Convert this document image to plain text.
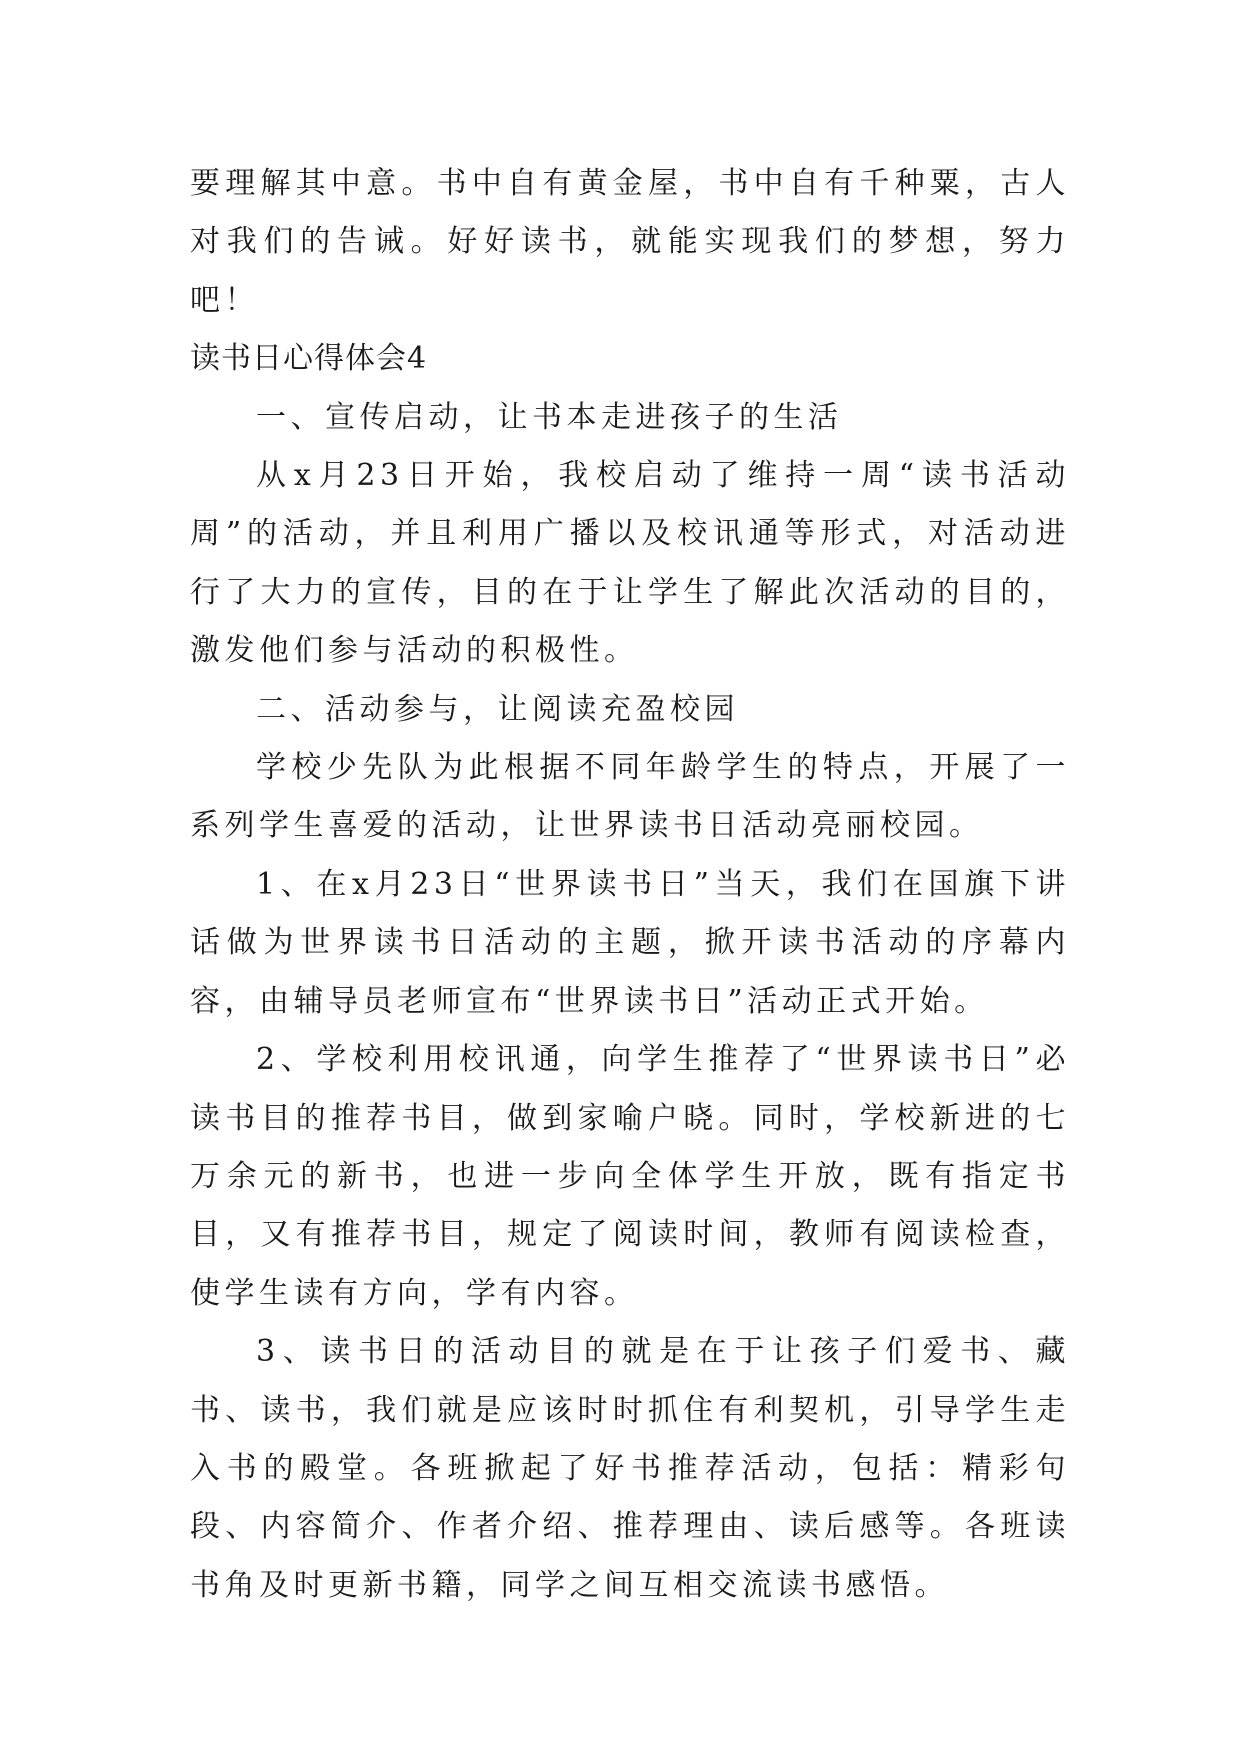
要理解其中意。书中自有黄金屋，书中自有千种粟，古人对我们的告诫。好好读书，就能实现我们的梦想，努力吧！

读书日心得体会4

一、宣传启动，让书本走进孩子的生活

从x月23日开始，我校启动了维持一周“读书活动周”的活动，并且利用广播以及校讯通等形式，对活动进行了大力的宣传，目的在于让学生了解此次活动的目的，激发他们参与活动的积极性。

二、活动参与，让阅读充盈校园

学校少先队为此根据不同年龄学生的特点，开展了一系列学生喜爱的活动，让世界读书日活动亮丽校园。

1、在x月23日“世界读书日”当天，我们在国旗下讲话做为世界读书日活动的主题，掀开读书活动的序幕内容，由辅导员老师宣布“世界读书日”活动正式开始。

2、学校利用校讯通，向学生推荐了“世界读书日”必读书目的推荐书目，做到家喻户晓。同时，学校新进的七万余元的新书，也进一步向全体学生开放，既有指定书目，又有推荐书目，规定了阅读时间，教师有阅读检查，使学生读有方向，学有内容。

3、读书日的活动目的就是在于让孩子们爱书、藏书、读书，我们就是应该时时抓住有利契机，引导学生走入书的殿堂。各班掀起了好书推荐活动，包括：精彩句段、内容简介、作者介绍、推荐理由、读后感等。各班读书角及时更新书籍，同学之间互相交流读书感悟。
